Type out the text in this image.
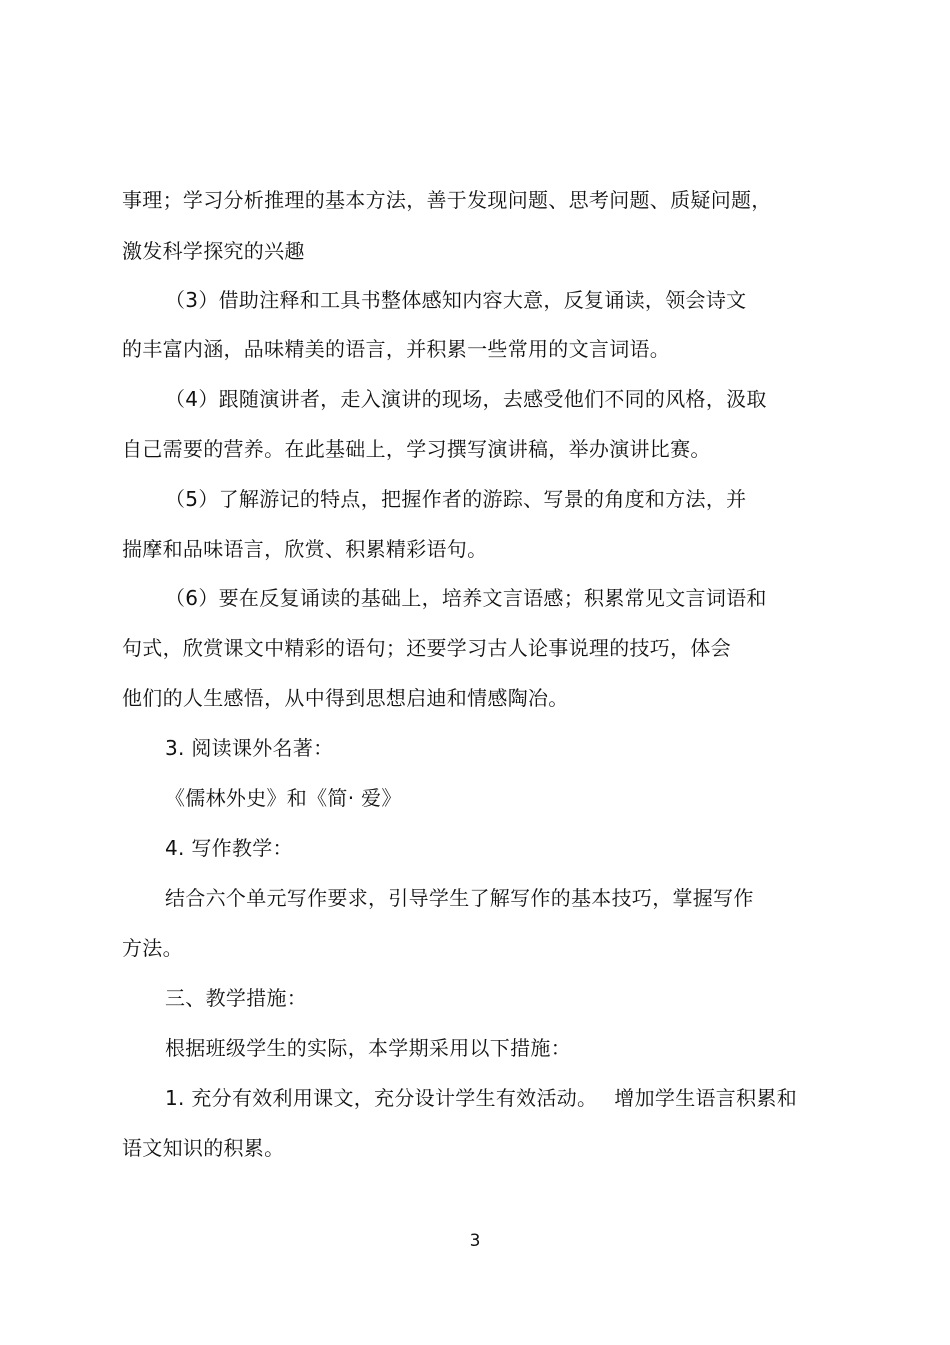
事理；学习分析推理的基本方法，善于发现问题、思考问题、质疑问题，
激发科学探究的兴趣
（3）借助注释和工具书整体感知内容大意，反复诵读，领会诗文
的丰富内涵，品味精美的语言，并积累一些常用的文言词语。
（4）跟随演讲者，走入演讲的现场，去感受他们不同的风格，汲取
自己需要的营养。在此基础上，学习撰写演讲稿，举办演讲比赛。
（5）了解游记的特点，把握作者的游踪、写景的角度和方法，并
揣摩和品味语言，欣赏、积累精彩语句。
（6）要在反复诵读的基础上，培养文言语感；积累常见文言词语和
句式，欣赏课文中精彩的语句；还要学习古人论事说理的技巧，体会
他们的人生感悟，从中得到思想启迪和情感陶冶。
3. 阅读课外名著：
《儒林外史》和《简· 爱》
4. 写作教学：
结合六个单元写作要求，引导学生了解写作的基本技巧，掌握写作
方法。
三、教学措施：
根据班级学生的实际，本学期采用以下措施：
1. 充分有效利用课文，充分设计学生有效活动。　 增加学生语言积累和
语文知识的积累。
3
